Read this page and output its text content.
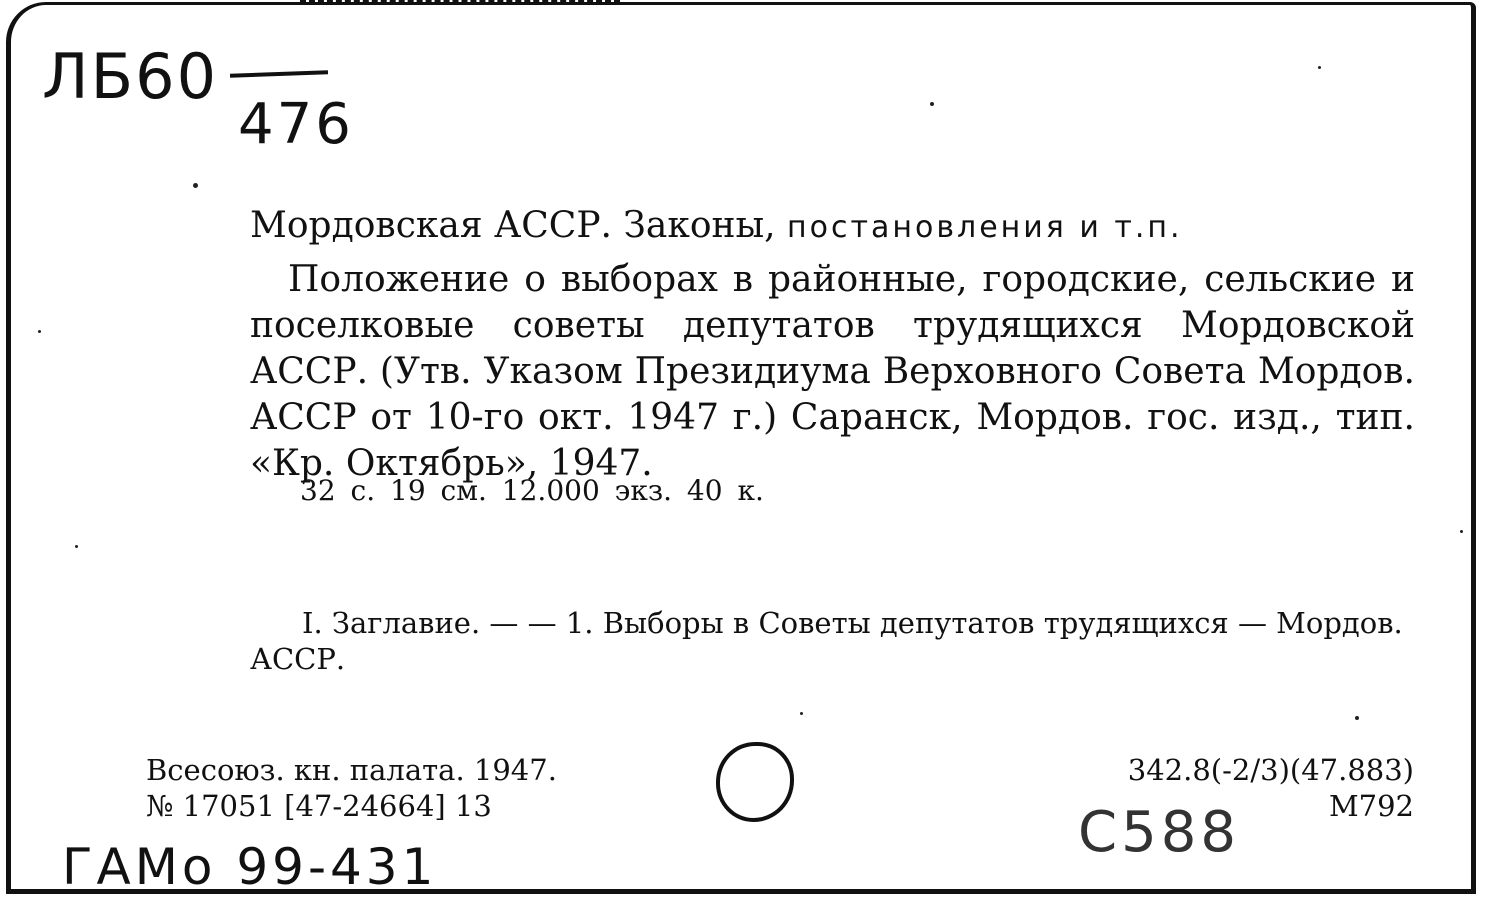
ЛБ60
476
Мордовская АССР. Законы, постановления и т.п.
Положение о выборах в районные, городские, сельские и поселковые советы депутатов трудящихся Мордовской АССР. (Утв. Указом Президиума Верховного Совета Мордов. АССР от 10-го окт. 1947 г.) Саранск, Мордов. гос. изд., тип. «Кр. Октябрь», 1947.
32 с. 19 см. 12.000 экз. 40 к.
I. Заглавие. — — 1. Выборы в Советы депутатов трудящихся — Мордов. АССР.
Всесоюз. кн. палата. 1947.
№ 17051 [47-24664] 13
342.8(-2/3)(47.883)
М792
ГАМо 99-431
С588
